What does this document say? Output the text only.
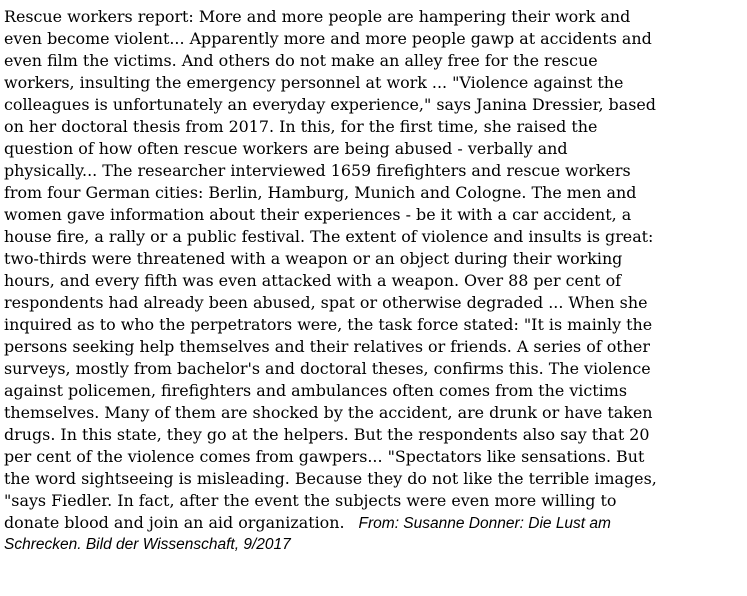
Rescue workers report: More and more people are hampering their work and
even become violent... Apparently more and more people gawp at accidents and
even film the victims. And others do not make an alley free for the rescue
workers, insulting the emergency personnel at work ... "Violence against the
colleagues is unfortunately an everyday experience," says Janina Dressier, based
on her doctoral thesis from 2017. In this, for the first time, she raised the
question of how often rescue workers are being abused - verbally and
physically... The researcher interviewed 1659 firefighters and rescue workers
from four German cities: Berlin, Hamburg, Munich and Cologne. The men and
women gave information about their experiences - be it with a car accident, a
house fire, a rally or a public festival. The extent of violence and insults is great:
two-thirds were threatened with a weapon or an object during their working
hours, and every fifth was even attacked with a weapon. Over 88 per cent of
respondents had already been abused, spat or otherwise degraded ... When she
inquired as to who the perpetrators were, the task force stated: "It is mainly the
persons seeking help themselves and their relatives or friends. A series of other
surveys, mostly from bachelor's and doctoral theses, confirms this. The violence
against policemen, firefighters and ambulances often comes from the victims
themselves. Many of them are shocked by the accident, are drunk or have taken
drugs. In this state, they go at the helpers. But the respondents also say that 20
per cent of the violence comes from gawpers... "Spectators like sensations. But
the word sightseeing is misleading. Because they do not like the terrible images,
"says Fiedler. In fact, after the event the subjects were even more willing to
donate blood and join an aid organization. From: Susanne Donner: Die Lust am
Schrecken. Bild der Wissenschaft, 9/2017
